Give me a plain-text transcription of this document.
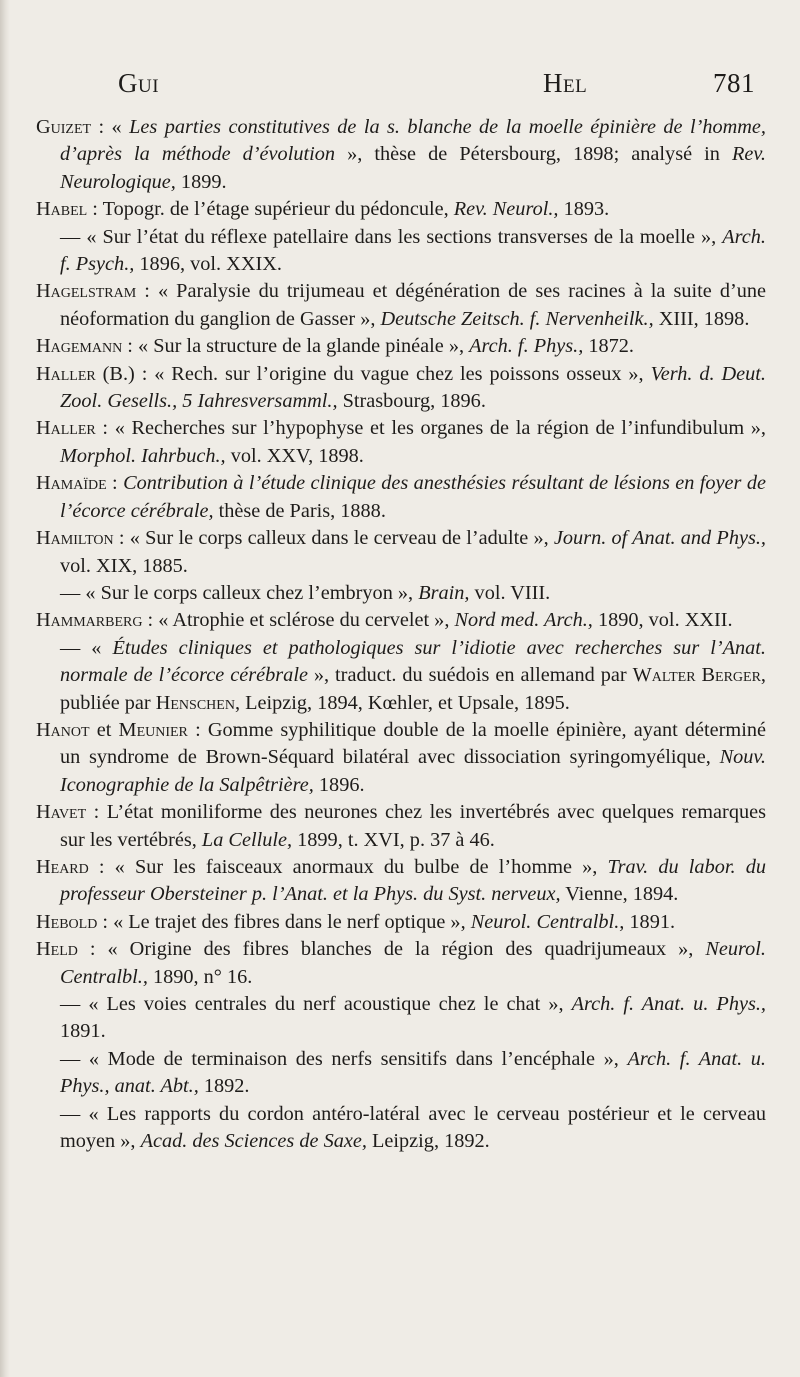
Gui	Hel	781
Guizet : « Les parties constitutives de la s. blanche de la moelle épinière de l’homme, d’après la méthode d’évolution », thèse de Pétersbourg, 1898; analysé in Rev. Neurologique, 1899.
Habel : Topogr. de l’étage supérieur du pédoncule, Rev. Neurol., 1893.
— « Sur l’état du réflexe patellaire dans les sections transverses de la moelle », Arch. f. Psych., 1896, vol. XXIX.
Hagelstram : « Paralysie du trijumeau et dégénération de ses racines à la suite d’une néoformation du ganglion de Gasser », Deutsche Zeitsch. f. Nervenheilk., XIII, 1898.
Hagemann : « Sur la structure de la glande pinéale », Arch. f. Phys., 1872.
Haller (B.) : « Rech. sur l’origine du vague chez les poissons osseux », Verh. d. Deut. Zool. Gesells., 5 Iahresversamml., Strasbourg, 1896.
Haller : « Recherches sur l’hypophyse et les organes de la région de l’infundibulum », Morphol. Iahrbuch., vol. XXV, 1898.
Hamaïde : Contribution à l’étude clinique des anesthésies résultant de lésions en foyer de l’écorce cérébrale, thèse de Paris, 1888.
Hamilton : « Sur le corps calleux dans le cerveau de l’adulte », Journ. of Anat. and Phys., vol. XIX, 1885.
— « Sur le corps calleux chez l’embryon », Brain, vol. VIII.
Hammarberg : « Atrophie et sclérose du cervelet », Nord med. Arch., 1890, vol. XXII.
— « Études cliniques et pathologiques sur l’idiotie avec recherches sur l’Anat. normale de l’écorce cérébrale », traduct. du suédois en allemand par Walter Berger, publiée par Henschen, Leipzig, 1894, Kœhler, et Upsale, 1895.
Hanot et Meunier : Gomme syphilitique double de la moelle épinière, ayant déterminé un syndrome de Brown-Séquard bilatéral avec dissociation syringomyélique, Nouv. Iconographie de la Salpêtrière, 1896.
Havet : L’état moniliforme des neurones chez les invertébrés avec quelques remarques sur les vertébrés, La Cellule, 1899, t. XVI, p. 37 à 46.
Heard : « Sur les faisceaux anormaux du bulbe de l’homme », Trav. du labor. du professeur Obersteiner p. l’Anat. et la Phys. du Syst. nerveux, Vienne, 1894.
Hebold : « Le trajet des fibres dans le nerf optique », Neurol. Centralbl., 1891.
Held : « Origine des fibres blanches de la région des quadrijumeaux », Neurol. Centralbl., 1890, n° 16.
— « Les voies centrales du nerf acoustique chez le chat », Arch. f. Anat. u. Phys., 1891.
— « Mode de terminaison des nerfs sensitifs dans l’encéphale », Arch. f. Anat. u. Phys., anat. Abt., 1892.
— « Les rapports du cordon antéro-latéral avec le cerveau postérieur et le cerveau moyen », Acad. des Sciences de Saxe, Leipzig, 1892.
